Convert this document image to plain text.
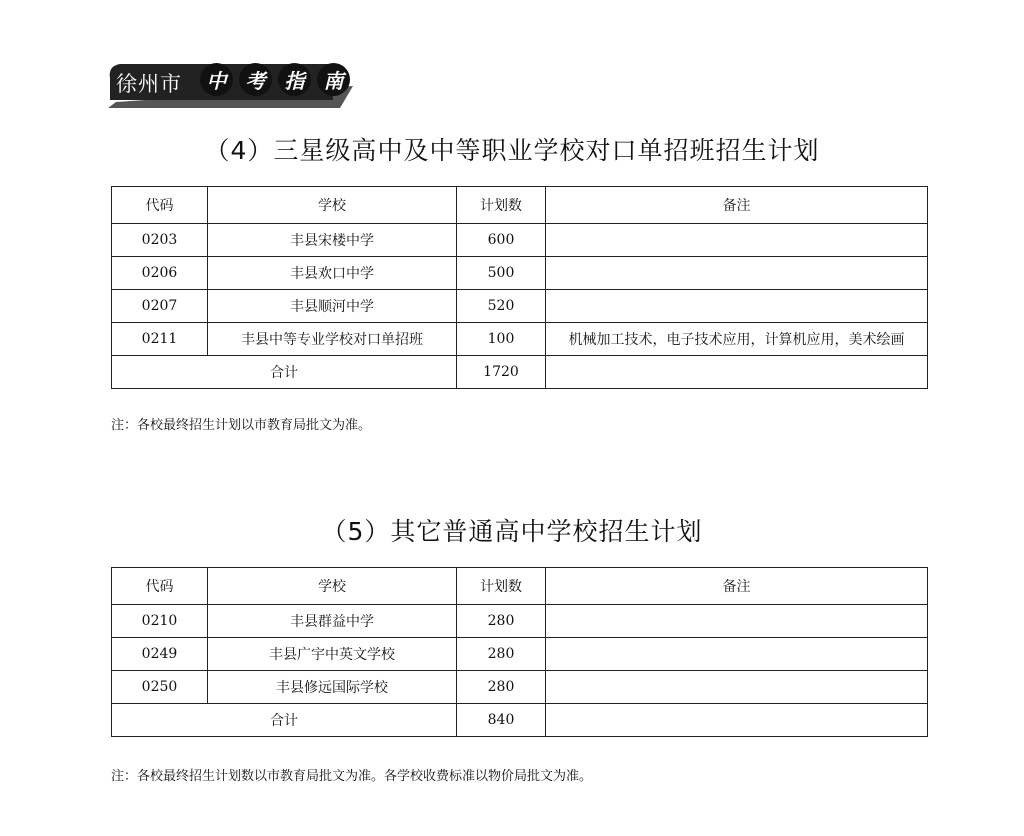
徐州市	中 考 指 南
（4）三星级高中及中等职业学校对口单招班招生计划
代码	学校	计划数	备注
0203	丰县宋楼中学	600	
0206	丰县欢口中学	500	
0207	丰县顺河中学	520	
0211	丰县中等专业学校对口单招班	100	机械加工技术，电子技术应用，计算机应用，美术绘画
合计		1720	
注：各校最终招生计划以市教育局批文为准。
（5）其它普通高中学校招生计划
代码	学校	计划数	备注
0210	丰县群益中学	280	
0249	丰县广宇中英文学校	280	
0250	丰县修远国际学校	280	
合计		840	
注：各校最终招生计划数以市教育局批文为准。各学校收费标准以物价局批文为准。
